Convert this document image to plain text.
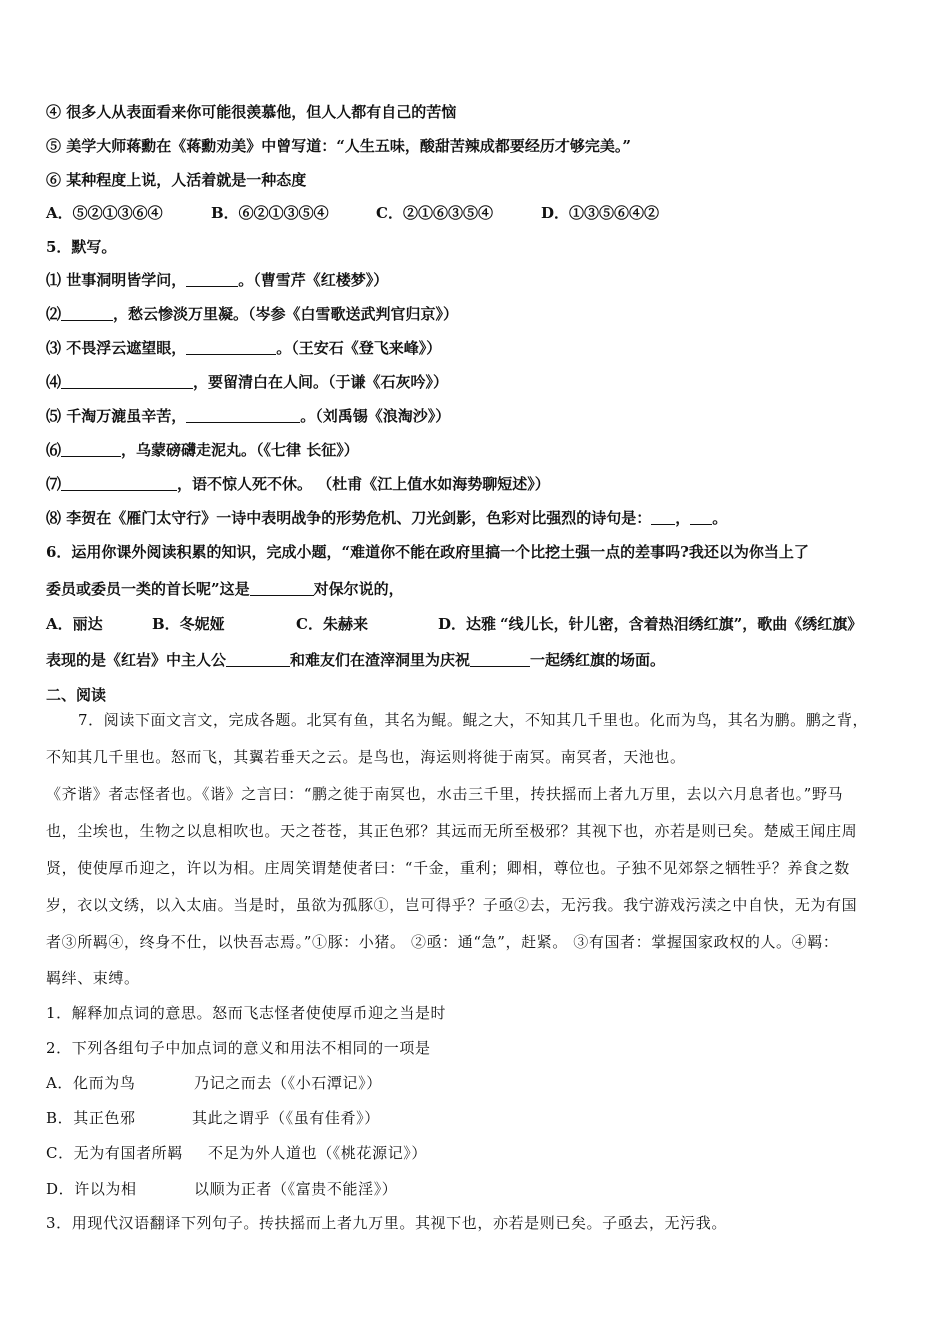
④ 很多人从表面看来你可能很羡慕他，但人人都有自己的苦恼
⑤ 美学大师蒋勳在《蒋勳劝美》中曾写道：“人生五味，酸甜苦辣成都要经历才够完美。”
⑥ 某种程度上说，人活着就是一种态度
A．⑤②①③⑥④	B．⑥②①③⑤④	C．②①⑥③⑤④	D．①③⑤⑥④②
5．默写。
⑴ 世事洞明皆学问，	。（曹雪芹《红楼梦》）
⑵	，愁云惨淡万里凝。（岑参《白雪歌送武判官归京》）
⑶ 不畏浮云遮望眼，	。（王安石《登飞来峰》）
⑷	，要留清白在人间。（于谦《石灰吟》）
⑸ 千淘万漉虽辛苦，	。（刘禹锡《浪淘沙》）
⑹	，乌蒙磅礴走泥丸。（《七律 长征》）
⑺	，语不惊人死不休。 （杜甫《江上值水如海势聊短述》）
⑻ 李贺在《雁门太守行》一诗中表明战争的形势危机、刀光剑影，色彩对比强烈的诗句是： ， 。
6．运用你课外阅读积累的知识，完成小题，“难道你不能在政府里搞一个比挖土强一点的差事吗?我还以为你当上了
委员或委员一类的首长呢”这是	对保尔说的，
A．丽达	B．冬妮娅	C．朱赫来	D．达雅 “线儿长，针儿密，含着热泪绣红旗”，歌曲《绣红旗》
表现的是《红岩》中主人公	和难友们在渣滓洞里为庆祝	一起绣红旗的场面。
二、阅读
7．阅读下面文言文，完成各题。北冥有鱼，其名为鲲。鲲之大，不知其几千里也。化而为鸟，其名为鹏。鹏之背，
不知其几千里也。怒而飞，其翼若垂天之云。是鸟也，海运则将徙于南冥。南冥者，天池也。
《齐谐》者志怪者也。《谐》之言曰：“鹏之徙于南冥也，水击三千里，抟扶摇而上者九万里，去以六月息者也。”野马
也，尘埃也，生物之以息相吹也。天之苍苍，其正色邪？其远而无所至极邪？其视下也，亦若是则已矣。楚威王闻庄周
贤，使使厚币迎之，许以为相。庄周笑谓楚使者曰：“千金，重利；卿相，尊位也。子独不见郊祭之牺牲乎？养食之数
岁，衣以文绣，以入太庙。当是时，虽欲为孤豚①，岂可得乎？子亟②去，无污我。我宁游戏污渎之中自快，无为有国
者③所羁④，终身不仕，以快吾志焉。”①豚：小猪。 ②亟：通“急”，赶紧。 ③有国者：掌握国家政权的人。④羁：
羁绊、束缚。
1．解释加点词的意思。怒而飞志怪者使使厚币迎之当是时
2．下列各组句子中加点词的意义和用法不相同的一项是
A．化而为鸟	乃记之而去（《小石潭记》）
B．其正色邪	其此之谓乎（《虽有佳肴》）
C．无为有国者所羁 不足为外人道也（《桃花源记》）
D．许以为相	以顺为正者（《富贵不能淫》）
3．用现代汉语翻译下列句子。抟扶摇而上者九万里。其视下也，亦若是则已矣。子亟去，无污我。
